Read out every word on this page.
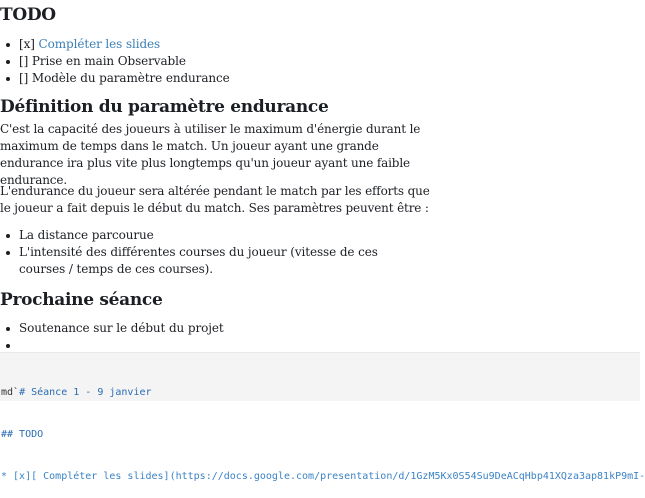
TODO
[x] Compléter les slides
[] Prise en main Observable
[] Modèle du paramètre endurance
Définition du paramètre endurance

C'est la capacité des joueurs à utiliser le maximum d'énergie durant le maximum de temps dans le match. Un joueur ayant une grande endurance ira plus vite plus longtemps qu'un joueur ayant une faible endurance.

L'endurance du joueur sera altérée pendant le match par les efforts que le joueur a fait depuis le début du match. Ses paramètres peuvent être :

La distance parcourue
L'intensité des différentes courses du joueur (vitesse de ces courses / temps de ces courses).
Prochaine séance
Soutenance sur le début du projet

md`# Séance 1 - 9 janvier

## TODO

* [x][ Compléter les slides](https://docs.google.com/presentation/d/1GzM5Kx0S54Su9DeACqHbp41XQza3ap81kP9mI-
